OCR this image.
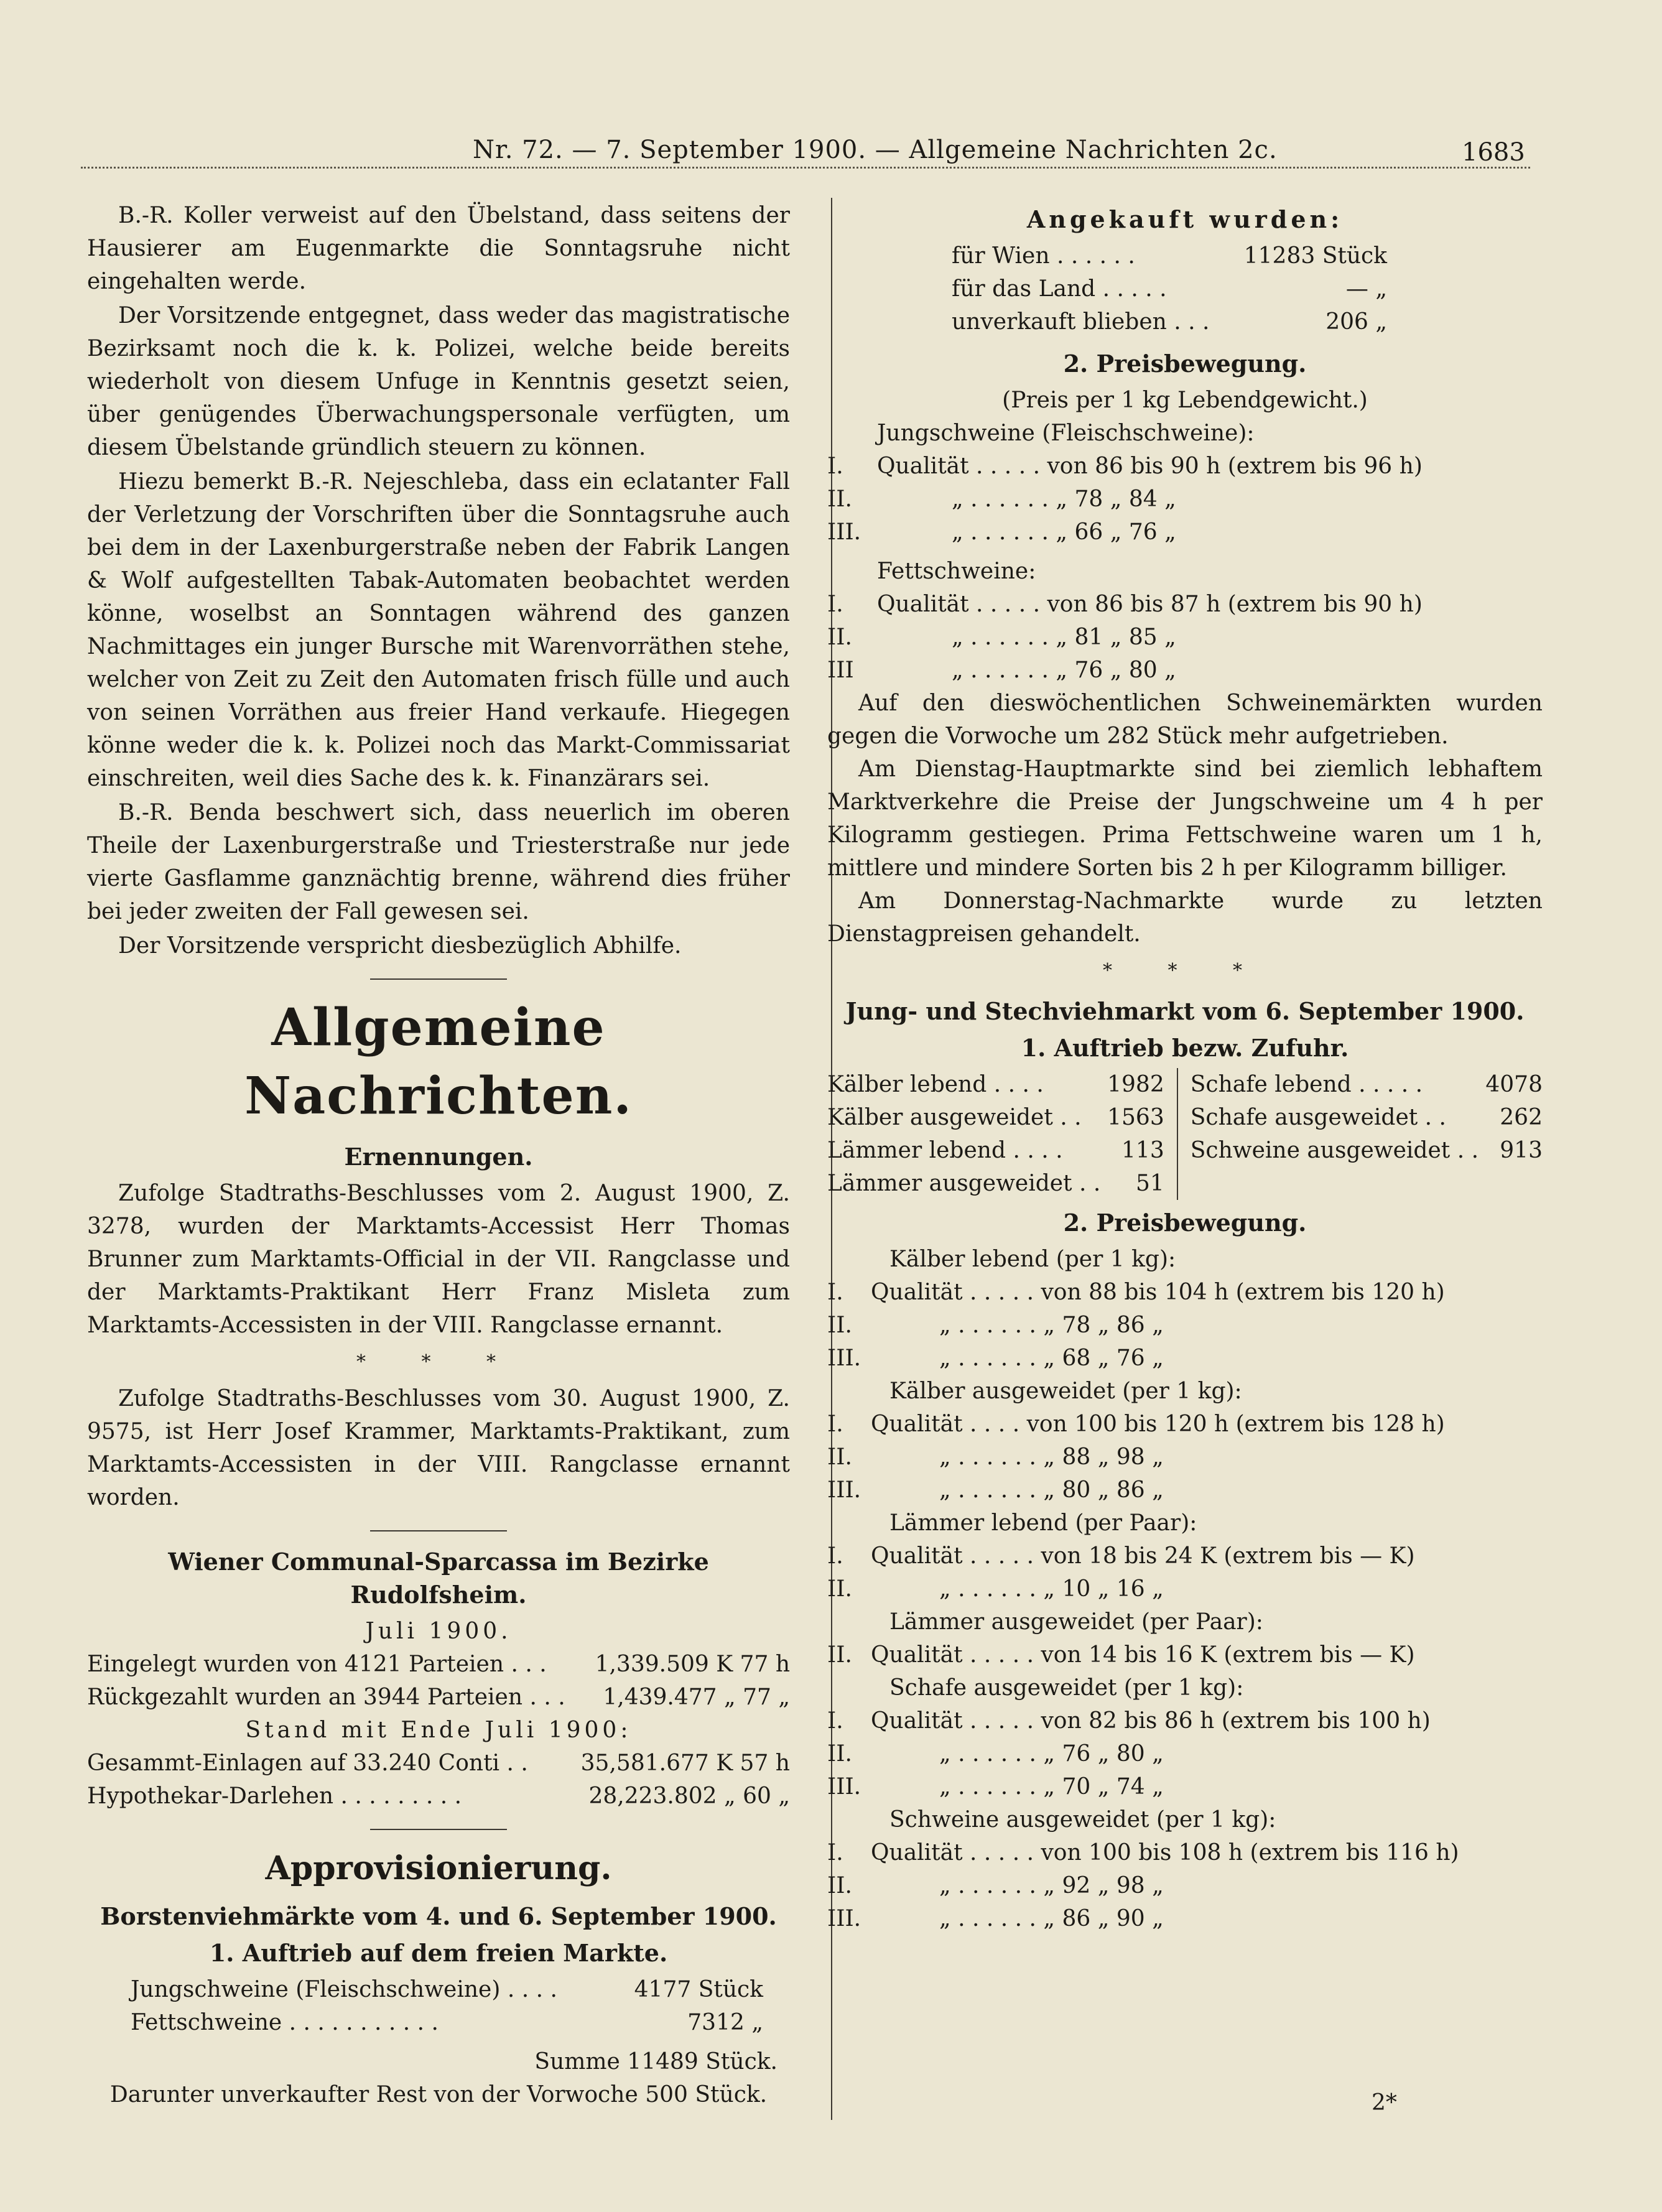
Nr. 72. — 7. September 1900. — Allgemeine Nachrichten 2c.	1683

B.-R. Koller verweist auf den Übelstand, dass seitens der Hausierer am Eugenmarkte die Sonntagsruhe nicht eingehalten werde.

Der Vorsitzende entgegnet, dass weder das magistratische Bezirksamt noch die k. k. Polizei, welche beide bereits wiederholt von diesem Unfuge in Kenntnis gesetzt seien, über genügendes Überwachungspersonale verfügten, um diesem Übelstande gründlich steuern zu können.

Hiezu bemerkt B.-R. Nejeschleba, dass ein eclatanter Fall der Verletzung der Vorschriften über die Sonntagsruhe auch bei dem in der Laxenburgerstraße neben der Fabrik Langen & Wolf aufgestellten Tabak-Automaten beobachtet werden könne, woselbst an Sonntagen während des ganzen Nachmittages ein junger Bursche mit Warenvorräthen stehe, welcher von Zeit zu Zeit den Automaten frisch fülle und auch von seinen Vorräthen aus freier Hand verkaufe. Hiegegen könne weder die k. k. Polizei noch das Markt-Commissariat einschreiten, weil dies Sache des k. k. Finanzärars sei.

B.-R. Benda beschwert sich, dass neuerlich im oberen Theile der Laxenburgerstraße und Triesterstraße nur jede vierte Gasflamme ganznächtig brenne, während dies früher bei jeder zweiten der Fall gewesen sei.

Der Vorsitzende verspricht diesbezüglich Abhilfe.

Allgemeine Nachrichten.
Ernennungen.

Zufolge Stadtraths-Beschlusses vom 2. August 1900, Z. 3278, wurden der Marktamts-Accessist Herr Thomas Brunner zum Marktamts-Official in der VII. Rangclasse und der Marktamts-Praktikant Herr Franz Misleta zum Marktamts-Accessisten in der VIII. Rangclasse ernannt.

* * *

Zufolge Stadtraths-Beschlusses vom 30. August 1900, Z. 9575, ist Herr Josef Krammer, Marktamts-Praktikant, zum Marktamts-Accessisten in der VIII. Rangclasse ernannt worden.

Wiener Communal-Sparcassa im Bezirke Rudolfsheim.
Juli 1900.
Eingelegt wurden von 4121 Parteien . . .	1,339.509 K 77 h
Rückgezahlt wurden an 3944 Parteien . . .	1,439.477 „ 77 „
Stand mit Ende Juli 1900:
Gesammt-Einlagen auf 33.240 Conti . .	35,581.677 K 57 h
Hypothekar-Darlehen . . . . . . . . .	28,223.802 „ 60 „
Approvisionierung.
Borstenviehmärkte vom 4. und 6. September 1900.
1. Auftrieb auf dem freien Markte.
Jungschweine (Fleischschweine) . . . .	4177 Stück
Fettschweine . . . . . . . . . . .	7312 „
Summe 11489 Stück.
Darunter unverkaufter Rest von der Vorwoche 500 Stück.
Angekauft wurden:
für Wien . . . . . .	11283 Stück
für das Land . . . . .	— „
unverkauft blieben . . .	206 „
2. Preisbewegung.
(Preis per 1 kg Lebendgewicht.)
Jungschweine (Fleischschweine):
I.	Qualität . . . . . von 86 bis 90 h (extrem bis 96 h)
II.	„ . . . . . . „ 78 „ 84 „
III.	„ . . . . . . „ 66 „ 76 „
Fettschweine:
I.	Qualität . . . . . von 86 bis 87 h (extrem bis 90 h)
II.	„ . . . . . . „ 81 „ 85 „
III	„ . . . . . . „ 76 „ 80 „

Auf den dieswöchentlichen Schweinemärkten wurden gegen die Vorwoche um 282 Stück mehr aufgetrieben.

Am Dienstag-Hauptmarkte sind bei ziemlich lebhaftem Marktverkehre die Preise der Jungschweine um 4 h per Kilogramm gestiegen. Prima Fettschweine waren um 1 h, mittlere und mindere Sorten bis 2 h per Kilogramm billiger.

Am Donnerstag-Nachmarkte wurde zu letzten Dienstagpreisen gehandelt.

* * *
Jung- und Stechviehmarkt vom 6. September 1900.
1. Auftrieb bezw. Zufuhr.
Kälber lebend . . . .	1982	Schafe lebend . . . . .	4078
Kälber ausgeweidet . .	1563	Schafe ausgeweidet . .	262
Lämmer lebend . . . .	113	Schweine ausgeweidet . .	913
Lämmer ausgeweidet . .	51		
2. Preisbewegung.
Kälber lebend (per 1 kg):
I.	Qualität . . . . . von 88 bis 104 h (extrem bis 120 h)
II.	„ . . . . . . „ 78 „ 86 „
III.	„ . . . . . . „ 68 „ 76 „
Kälber ausgeweidet (per 1 kg):
I.	Qualität . . . . von 100 bis 120 h (extrem bis 128 h)
II.	„ . . . . . . „ 88 „ 98 „
III.	„ . . . . . . „ 80 „ 86 „
Lämmer lebend (per Paar):
I.	Qualität . . . . . von 18 bis 24 K (extrem bis — K)
II.	„ . . . . . . „ 10 „ 16 „
Lämmer ausgeweidet (per Paar):
II.	Qualität . . . . . von 14 bis 16 K (extrem bis — K)
Schafe ausgeweidet (per 1 kg):
I.	Qualität . . . . . von 82 bis 86 h (extrem bis 100 h)
II.	„ . . . . . . „ 76 „ 80 „
III.	„ . . . . . . „ 70 „ 74 „
Schweine ausgeweidet (per 1 kg):
I.	Qualität . . . . . von 100 bis 108 h (extrem bis 116 h)
II.	„ . . . . . . „ 92 „ 98 „
III.	„ . . . . . . „ 86 „ 90 „
2*
